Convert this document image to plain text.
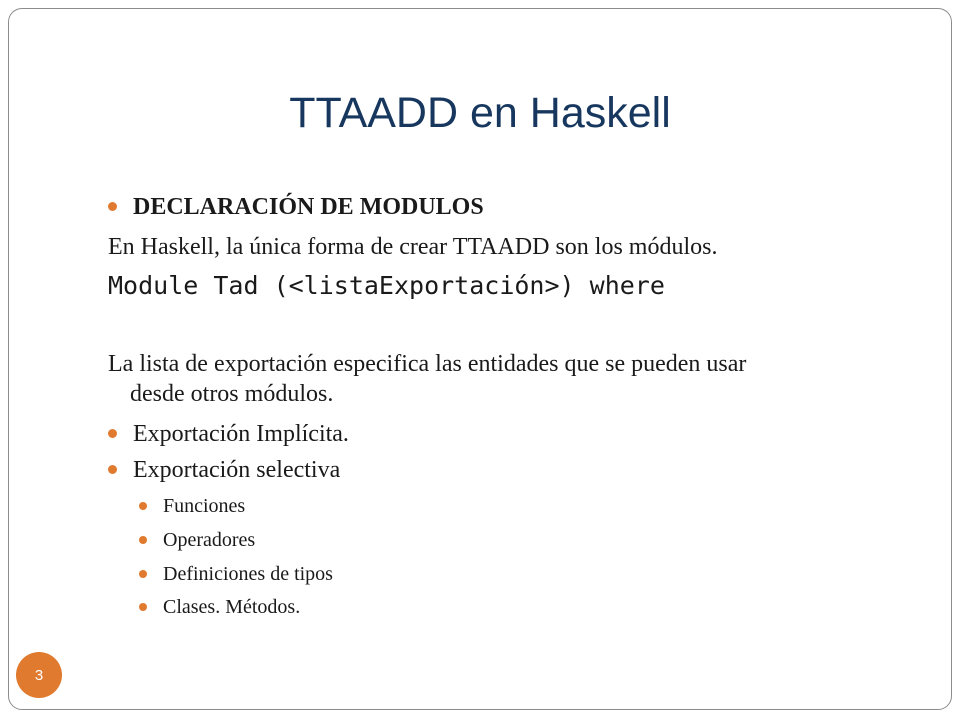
TTAADD en Haskell
DECLARACIÓN DE MODULOS
En Haskell, la única forma de crear TTAADD son los módulos.
Module Tad (<listaExportación>) where
La lista de exportación especifica las entidades que se pueden usar
desde otros módulos.
Exportación Implícita.
Exportación selectiva
Funciones
Operadores
Definiciones de tipos
Clases. Métodos.
3
